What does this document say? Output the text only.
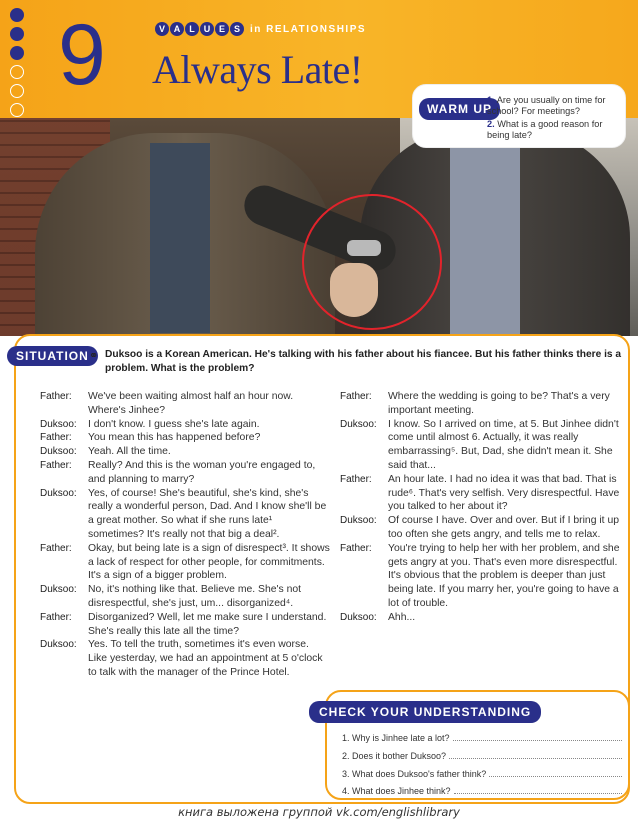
9	V A	L	U E S	in RELATIONSHIPS
Always Late!
WARM UP
1. Are you usually on time for school? For meetings?
2. What is a good reason for being late?
SITUATION ⚭ Duksoo is a Korean American. He's talking with his father about his fiancee. But his father thinks there is a problem. What is the problem?
Father:	We've been waiting almost half an hour now. Where's Jinhee?
Duksoo:	I don't know. I guess she's late again.
Father:	You mean this has happened before?
Duksoo:	Yeah. All the time.
Father:	Really? And this is the woman you're engaged to, and planning to marry?
Duksoo:	Yes, of course! She's beautiful, she's kind, she's really a wonderful person, Dad. And I know she'll be a great mother. So what if she runs late¹ sometimes? It's really not that big a deal².
Father:	Okay, but being late is a sign of disrespect³. It shows a lack of respect for other people, for commitments. It's a sign of a bigger problem.
Duksoo:	No, it's nothing like that. Believe me. She's not disrespectful, she's just, um... disorganized⁴.
Father:	Disorganized? Well, let me make sure I understand. She's really this late all the time?
Duksoo:	Yes. To tell the truth, sometimes it's even worse. Like yesterday, we had an appointment at 5 o'clock to talk with the manager of the Prince Hotel.
Father:	Where the wedding is going to be? That's a very important meeting.
Duksoo:	I know. So I arrived on time, at 5. But Jinhee didn't come until almost 6. Actually, it was really embarrassing⁵. But, Dad, she didn't mean it. She said that...
Father:	An hour late. I had no idea it was that bad. That is rude⁶. That's very selfish. Very disrespectful. Have you talked to her about it?
Duksoo:	Of course I have. Over and over. But if I bring it up too often she gets angry, and tells me to relax.
Father:	You're trying to help her with her problem, and she gets angry at you. That's even more disrespectful. It's obvious that the problem is deeper than just being late. If you marry her, you're going to have a lot of trouble.
Duksoo:	Ahh...
CHECK YOUR UNDERSTANDING
1. Why is Jinhee late a lot?
2. Does it bother Duksoo?
3. What does Duksoo's father think?
4. What does Jinhee think?
книга выложена группой vk.com/englishlibrary
